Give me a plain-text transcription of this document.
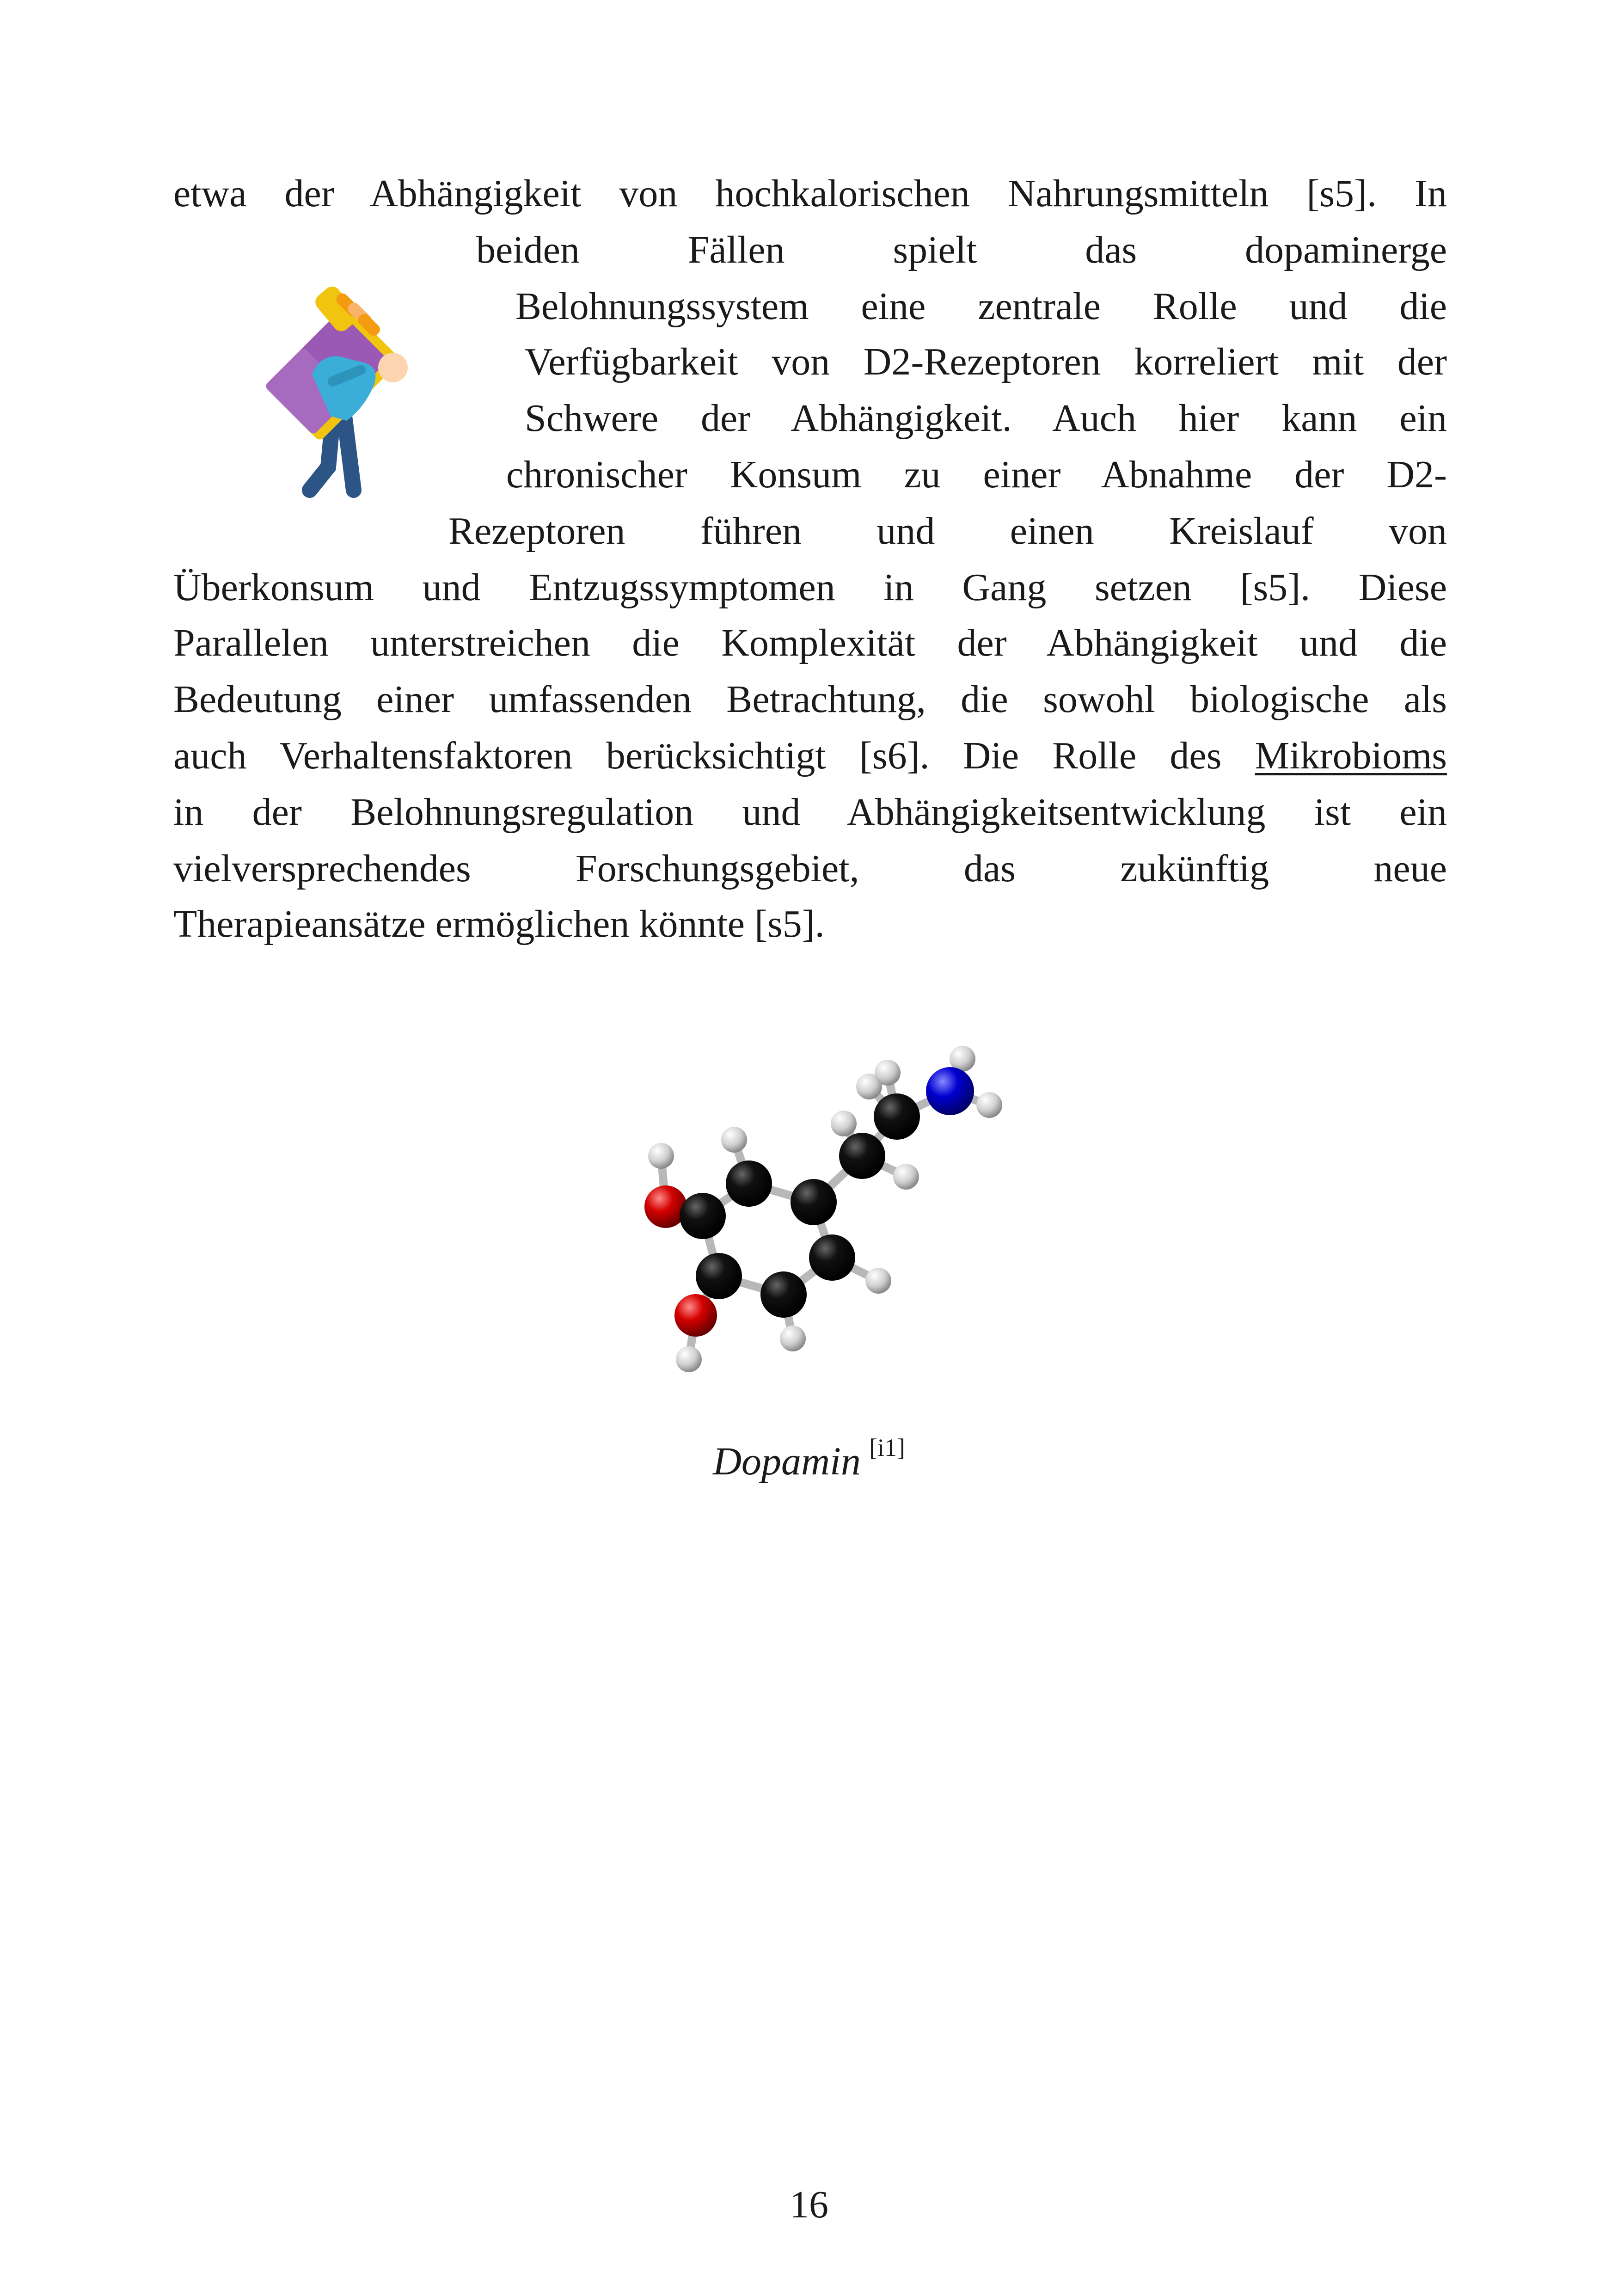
etwa der Abhängigkeit von hochkalorischen Nahrungsmitteln [s5]. In
beiden Fällen spielt das dopaminerge
Belohnungssystem eine zentrale Rolle und die
Verfügbarkeit von D2-Rezeptoren korreliert mit der
Schwere der Abhängigkeit. Auch hier kann ein
chronischer Konsum zu einer Abnahme der D2-
Rezeptoren führen und einen Kreislauf von
Überkonsum und Entzugssymptomen in Gang setzen [s5]. Diese
Parallelen unterstreichen die Komplexität der Abhängigkeit und die
Bedeutung einer umfassenden Betrachtung, die sowohl biologische als
auch Verhaltensfaktoren berücksichtigt [s6]. Die Rolle des Mikrobioms
in der Belohnungsregulation und Abhängigkeitsentwicklung ist ein
vielversprechendes Forschungsgebiet, das zukünftig neue
Therapieansätze ermöglichen könnte [s5].
Dopamin [i1]
16
